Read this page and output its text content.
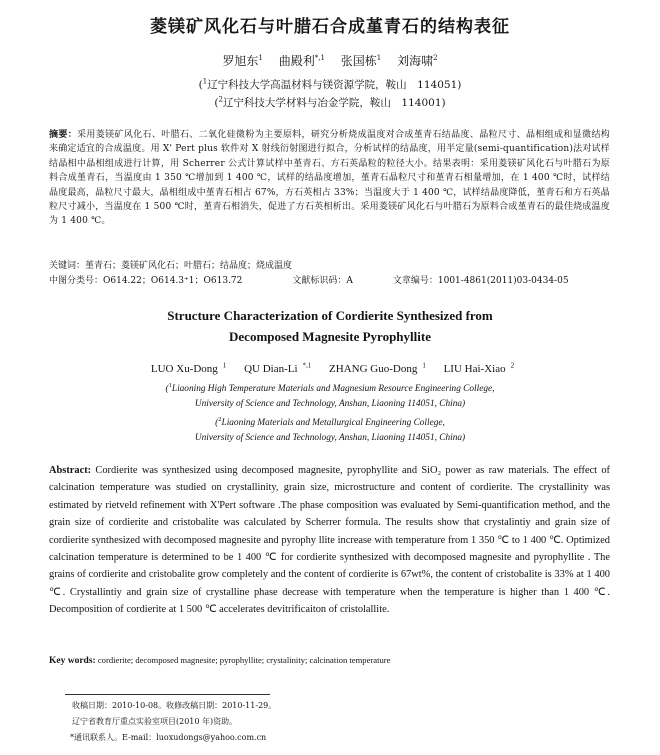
菱镁矿风化石与叶腊石合成堇青石的结构表征
罗旭东$^1$ 曲殿利$^{*,1}$ 张国栋$^1$ 刘海啸$^2$
($^1$辽宁科技大学高温材料与镁资源学院，鞍山　114051)
($^2$辽宁科技大学材料与冶金学院，鞍山　114001)
摘要：采用菱镁矿风化石、叶腊石、二氧化硅微粉为主要原料，研究分析烧成温度对合成堇青石结晶度、晶粒尺寸、晶相组成和显微结构来确定适宜的合成温度。用 X' Pert plus 软件对 X 射线衍射图进行拟合，分析试样的结晶度，用半定量(semi-quantification)法对试样结晶相中晶相组成进行计算，用 Scherrer 公式计算试样中堇青石、方石英晶粒的粒径大小。结果表明：采用菱镁矿风化石与叶腊石为原料合成堇青石，当温度由 1 350 ℃增加到 1 400 ℃，试样的结晶度增加，堇青石晶粒尺寸和堇青石相量增加，在 1 400 ℃时，试样结晶度最高，晶粒尺寸最大，晶相组成中堇青石相占 67%，方石英相占 33%；当温度大于 1 400 ℃，试样结晶度降低，堇青石和方石英晶粒尺寸减小，当温度在 1 500 ℃时，堇青石相消失，促进了方石英相析出。采用菱镁矿风化石与叶腊石为原料合成堇青石的最佳烧成温度为 1 400 ℃。
关键词：堇青石；菱镁矿风化石；叶腊石；结晶度；烧成温度
中图分类号：O614.22；O614.3⁺1；O613.72	文献标识码：A	文章编号：1001-4861(2011)03-0434-05
Structure Characterization of Cordierite Synthesized from
Decomposed Magnesite Pyrophyllite
LUO Xu-Dong $^1$ QU Dian-Li $^{*,1}$ ZHANG Guo-Dong $^1$ LIU Hai-Xiao $^2$
($^1$Liaoning High Temperature Materials and Magnesium Resource Engineering College,
University of Science and Technology, Anshan, Liaoning 114051, China)
($^2$Liaoning Materials and Metallurgical Engineering College,
University of Science and Technology, Anshan, Liaoning 114051, China)
Abstract: Cordierite was synthesized using decomposed magnesite, pyrophyllite and SiO₂ power as raw materials. The effect of calcination temperature was studied on crystallinity, grain size, microstructure and content of cordierite. The crystallinity was estimated by rietveld refinement with X'Pert software .The phase composition was evaluated by Semi-quantification method, and the grain size of cordierite and cristobalite was calculated by Scherrer formula. The results show that crystalintiy and grain size of cordierite synthesized with decomposed magnesite and pyrophy llite increase with temperature from 1 350 ℃ to 1 400 ℃. Optimized calcination temperature is determined to be 1 400 ℃ for cordierite synthesized with decomposed magnesite and pyrophyllite . The grains of cordierite and cristobalite grow completely and the content of cordierite is 67wt%, the content of cristobalite is 33% at 1 400 ℃. Crystallintiy and grain size of crystalline phase decrease with temperature when the temperature is higher than 1 400 ℃. Decomposition of cordierite at 1 500 ℃ accelerates devitrificaiton of cristolallite.
Key words: cordierite; decomposed magnesite; pyrophyllite; crystalinity; calcination temperature
收稿日期：2010-10-08。收修改稿日期：2010-11-29。
辽宁省教育厅重点实验室项目(2010 年)资助。
*通讯联系人。E-mail：luoxudongs@yahoo.com.cn
